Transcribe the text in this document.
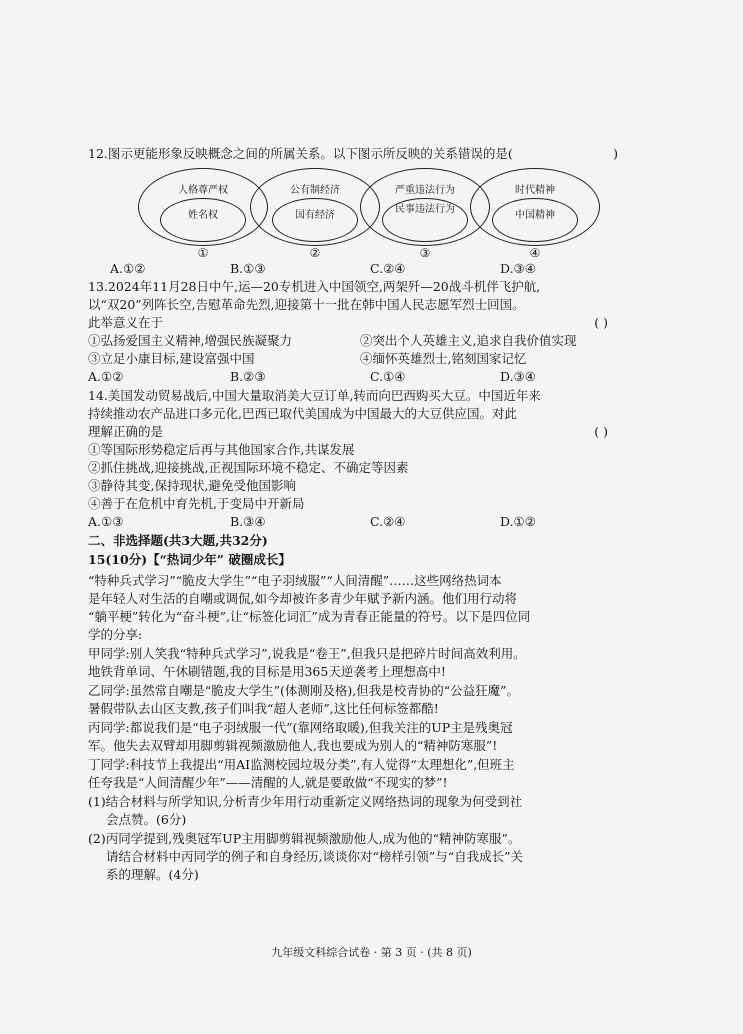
12.图示更能形象反映概念之间的所属关系。以下图示所反映的关系错误的是(	)
人格尊严权
姓名权
①
公有制经济
国有经济
②
严重违法行为
民事违法行为
③
时代精神
中国精神
④
A.①②	B.①③	C.②④	D.③④
13.2024年11月28日中午,运—20专机进入中国领空,两架歼—20战斗机伴飞护航,
以“双20”列阵长空,告慰革命先烈,迎接第十一批在韩中国人民志愿军烈士回国。
此举意义在于	( )
①弘扬爱国主义精神,增强民族凝聚力	②突出个人英雄主义,追求自我价值实现
③立足小康目标,建设富强中国	④缅怀英雄烈士,铭刻国家记忆
A.①②	B.②③	C.①④	D.③④
14.美国发动贸易战后,中国大量取消美大豆订单,转而向巴西购买大豆。中国近年来
持续推动农产品进口多元化,巴西已取代美国成为中国最大的大豆供应国。对此
理解正确的是	( )
①等国际形势稳定后再与其他国家合作,共谋发展
②抓住挑战,迎接挑战,正视国际环境不稳定、不确定等因素
③静待其变,保持现状,避免受他国影响
④善于在危机中育先机,于变局中开新局
A.①③	B.③④	C.②④	D.①②
二、非选择题(共3大题,共32分)
15(10分)【“热词少年” 破圈成长】
“特种兵式学习”“脆皮大学生”“电子羽绒服”“人间清醒”……这些网络热词本
是年轻人对生活的自嘲或调侃,如今却被许多青少年赋予新内涵。他们用行动将
“躺平梗”转化为“奋斗梗”,让“标签化词汇”成为青春正能量的符号。以下是四位同
学的分享:
甲同学:别人笑我“特种兵式学习”,说我是“卷王”,但我只是把碎片时间高效利用。
地铁背单词、午休刷错题,我的目标是用365天逆袭考上理想高中!
乙同学:虽然常自嘲是“脆皮大学生”(体测刚及格),但我是校青协的“公益狂魔”。
暑假带队去山区支教,孩子们叫我“超人老师”,这比任何标签都酷!
丙同学:都说我们是“电子羽绒服一代”(靠网络取暖),但我关注的UP主是残奥冠
军。他失去双臂却用脚剪辑视频激励他人,我也要成为别人的“精神防寒服”!
丁同学:科技节上我提出“用AI监测校园垃圾分类”,有人觉得“太理想化”,但班主
任夸我是“人间清醒少年”——清醒的人,就是要敢做“不现实的梦”!
(1)结合材料与所学知识,分析青少年用行动重新定义网络热词的现象为何受到社
会点赞。(6分)
(2)丙同学提到,残奥冠军UP主用脚剪辑视频激励他人,成为他的“精神防寒服”。
请结合材料中丙同学的例子和自身经历,谈谈你对“榜样引领”与“自我成长”关
系的理解。(4分)
九年级文科综合试卷 · 第 3 页 · (共 8 页)
